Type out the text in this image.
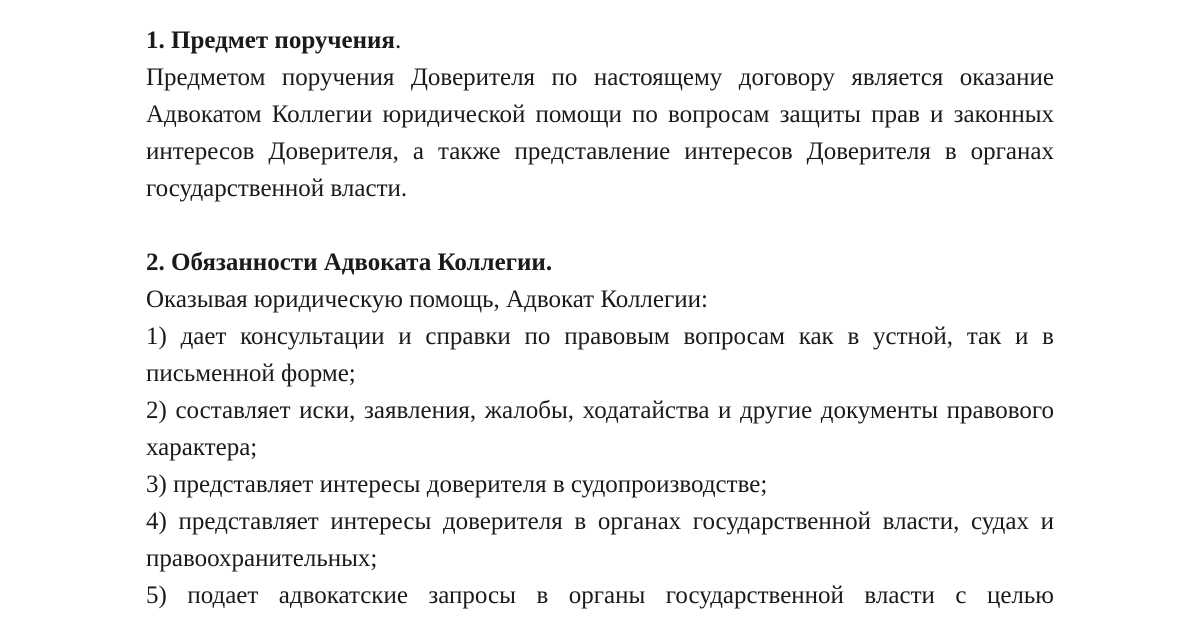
1. Предмет поручения.

Предметом поручения Доверителя по настоящему договору является оказание Адвокатом Коллегии юридической помощи по вопросам защиты прав и законных интересов Доверителя, а также представление интересов Доверителя в органах государственной власти.

2. Обязанности Адвоката Коллегии.

Оказывая юридическую помощь, Адвокат Коллегии:

1) дает консультации и справки по правовым вопросам как в устной, так и в письменной форме;

2) составляет иски, заявления, жалобы, ходатайства и другие документы правового характера;

3) представляет интересы доверителя в судопроизводстве;

4) представляет интересы доверителя в органах государственной власти, судах и правоохранительных;

5) подает адвокатские запросы в органы государственной власти с целью
